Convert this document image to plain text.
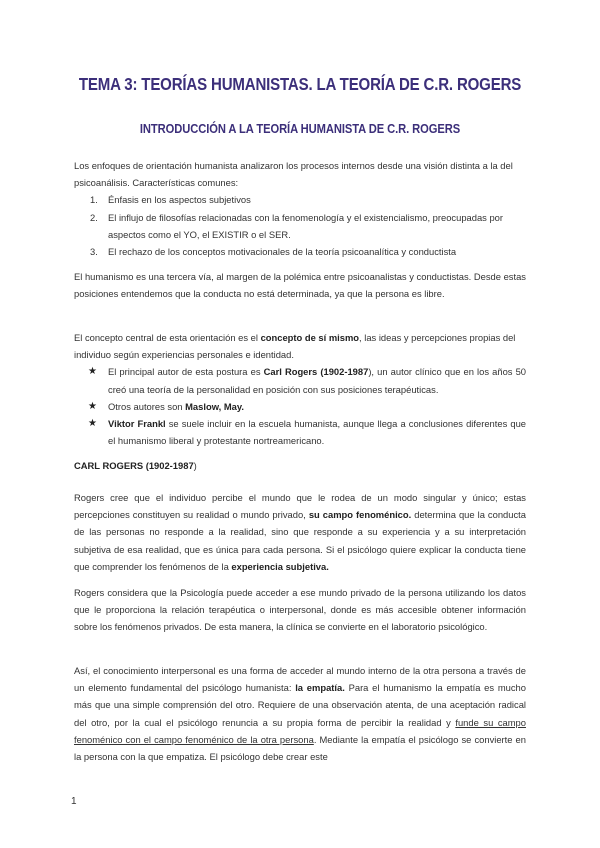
TEMA 3: TEORÍAS HUMANISTAS. LA TEORÍA DE C.R. ROGERS
INTRODUCCIÓN A LA TEORÍA HUMANISTA DE C.R. ROGERS

Los enfoques de orientación humanista analizaron los procesos internos desde una visión distinta a la del psicoanálisis. Características comunes:

1. Énfasis en los aspectos subjetivos
2. El influjo de filosofías relacionadas con la fenomenología y el existencialismo, preocupadas por aspectos como el YO, el EXISTIR o el SER.
3. El rechazo de los conceptos motivacionales de la teoría psicoanalítica y conductista

El humanismo es una tercera vía, al margen de la polémica entre psicoanalistas y conductistas. Desde estas posiciones entendemos que la conducta no está determinada, ya que la persona es libre.

El concepto central de esta orientación es el concepto de sí mismo, las ideas y percepciones propias del individuo según experiencias personales e identidad.

★ El principal autor de esta postura es Carl Rogers (1902-1987), un autor clínico que en los años 50 creó una teoría de la personalidad en posición con sus posiciones terapéuticas.
★ Otros autores son Maslow, May.
★ Viktor Frankl se suele incluir en la escuela humanista, aunque llega a conclusiones diferentes que el humanismo liberal y protestante nortreamericano.

CARL ROGERS (1902-1987)

Rogers cree que el individuo percibe el mundo que le rodea de un modo singular y único; estas percepciones constituyen su realidad o mundo privado, su campo fenoménico. determina que la conducta de las personas no responde a la realidad, sino que responde a su experiencia y a su interpretación subjetiva de esa realidad, que es única para cada persona. Si el psicólogo quiere explicar la conducta tiene que comprender los fenómenos de la experiencia subjetiva.

Rogers considera que la Psicología puede acceder a ese mundo privado de la persona utilizando los datos que le proporciona la relación terapéutica o interpersonal, donde es más accesible obtener información sobre los fenómenos privados. De esta manera, la clínica se convierte en el laboratorio psicológico.

Así, el conocimiento interpersonal es una forma de acceder al mundo interno de la otra persona a través de un elemento fundamental del psicólogo humanista: la empatía. Para el humanismo la empatía es mucho más que una simple comprensión del otro. Requiere de una observación atenta, de una aceptación radical del otro, por la cual el psicólogo renuncia a su propia forma de percibir la realidad y funde su campo fenoménico con el campo fenoménico de la otra persona. Mediante la empatía el psicólogo se convierte en la persona con la que empatiza. El psicólogo debe crear este

1
